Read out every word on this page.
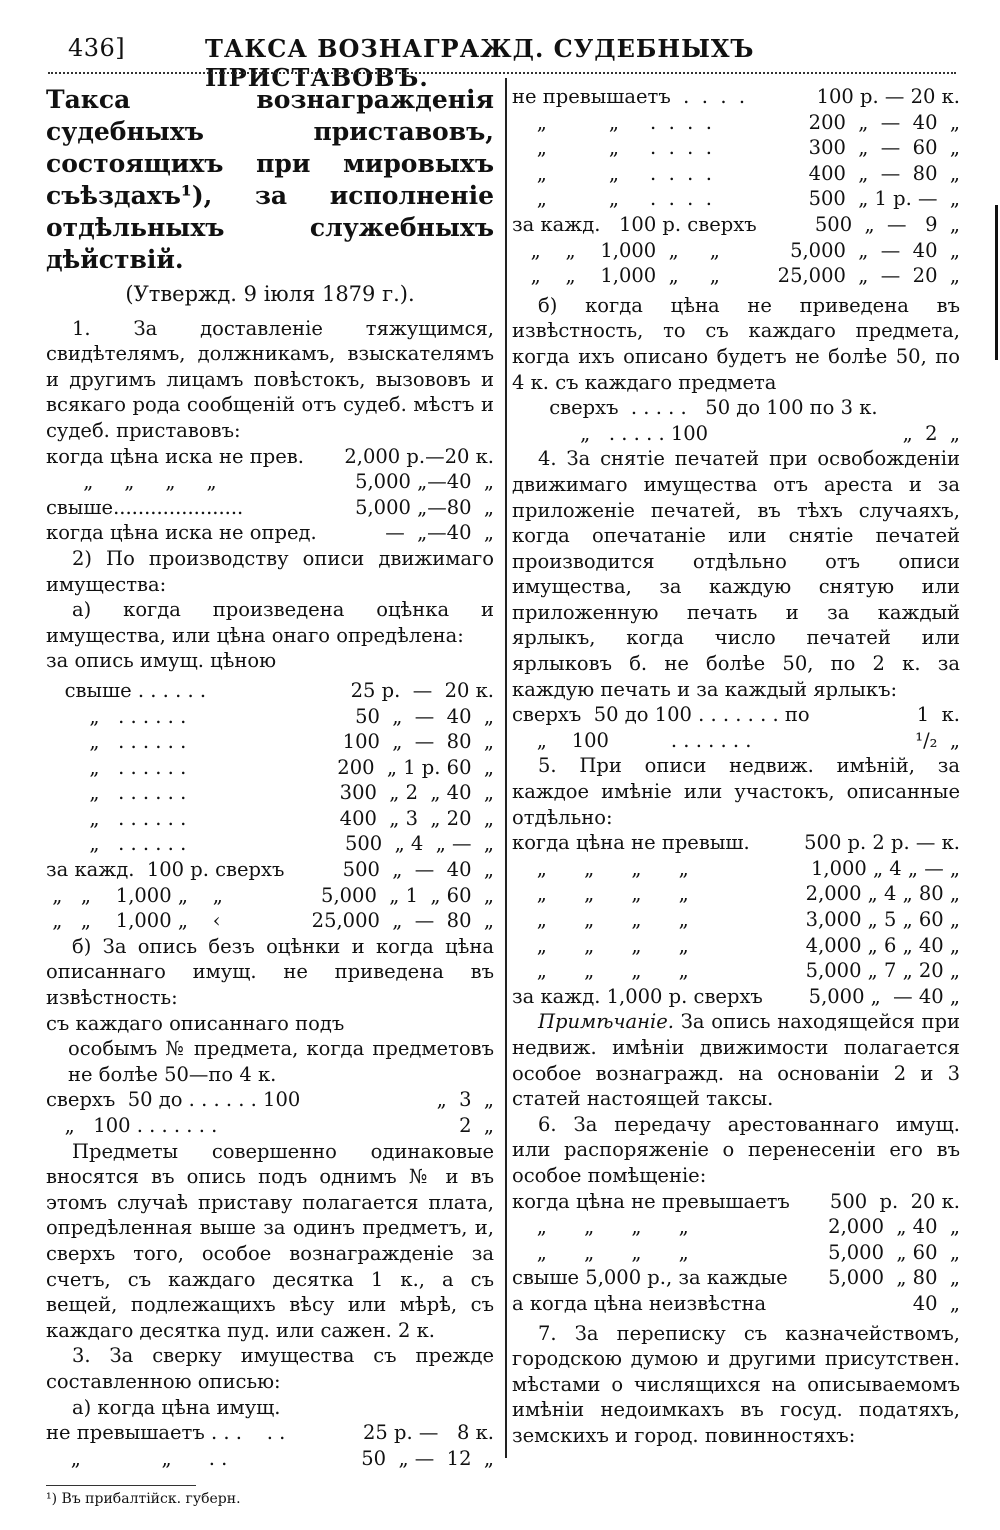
436]	ТАКСА ВОЗНАГРАЖД. СУДЕБНЫХЪ ПРИСТАВОВЪ.

Такса вознагражденія судебныхъ приставовъ, состоящихъ при мировыхъ съѣздахъ¹), за исполненіе отдѣльныхъ служебныхъ дѣйствій.

(Утвержд. 9 іюля 1879 г.).

1. За доставленіе тяжущимся, свидѣтелямъ, должникамъ, взыскателямъ и другимъ лицамъ повѣстокъ, вызововъ и всякаго рода сообщеній отъ судеб. мѣстъ и судеб. приставовъ:

когда цѣна иска не прев.	2,000 р.—20 к.
„     „     „     „	5,000 „—40  „
свыше.....................	5,000 „—80  „
когда цѣна иска не опред.	—  „—40  „

2) По производству описи движимаго имущества:

а) когда произведена оцѣнка и имущества, или цѣна онаго опредѣлена:

за опись имущ. цѣною

свыше . . . . . .	25 р.  —  20 к.
„   . . . . . .	50  „  —  40  „
„   . . . . . .	100  „  —  80  „
„   . . . . . .	200  „ 1 р. 60  „
„   . . . . . .	300  „ 2  „ 40  „
„   . . . . . .	400  „ 3  „ 20  „
„   . . . . . .	500  „ 4  „ —  „
за кажд.  100 р. сверхъ	500  „  —  40  „
„   „    1,000 „    „	5,000  „ 1  „ 60  „
„   „    1,000 „    ‹	25,000  „  —  80  „

б) За опись безъ оцѣнки и когда цѣна описаннаго имущ. не приведена въ извѣстность:

съ каждаго описаннаго подъ

особымъ № предмета, когда предметовъ не болѣе 50—по 4 к.

сверхъ  50 до . . . . . . 100	„  3  „
„   100 . . . . . . .	2  „

Предметы совершенно одинаковые вносятся въ опись подъ однимъ № и въ этомъ случаѣ приставу полагается плата, опредѣленная выше за одинъ предметъ, и, сверхъ того, особое вознагражденіе за счетъ, съ каждаго десятка 1 к., а съ вещей, подлежащихъ вѣсу или мѣрѣ, съ каждаго десятка пуд. или сажен. 2 к.

3. За сверку имущества съ прежде составленною описью:

а) когда цѣна имущ.

не превышаетъ . . .    . .	25 р. —   8 к.
„             „      . .	50  „ —  12  „

¹) Въ прибалтійск. губерн.

не превышаетъ  .  .  .  .	100 р. — 20 к.
„          „     .  .  .  .	200  „  —  40  „
„          „     .  .  .  .	300  „  —  60  „
„          „     .  .  .  .	400  „  —  80  „
„          „     .  .  .  .	500  „ 1 р. —  „
за кажд.   100 р. сверхъ	500  „  —   9  „
„    „    1,000  „     „	5,000  „  —  40  „
„    „    1,000  „     „	25,000  „  —  20  „

б) когда цѣна не приведена въ извѣстность, то съ каждаго предмета, когда ихъ описано будетъ не болѣе 50, по 4 к. съ каждаго предмета

сверхъ  . . . . .   50 до 100 по 3 к.
„   . . . . . 100	„  2  „

4. За снятіе печатей при освобожденіи движимаго имущества отъ ареста и за приложеніе печатей, въ тѣхъ случаяхъ, когда опечатаніе или снятіе печатей производится отдѣльно отъ описи имущества, за каждую снятую или приложенную печать и за каждый ярлыкъ, когда число печатей или ярлыковъ б. не болѣе 50, по 2 к. за каждую печать и за каждый ярлыкъ:

сверхъ  50 до 100 . . . . . . . по	1  к.
„    100          . . . . . . .	¹/₂  „

5. При описи недвиж. имѣній, за каждое имѣніе или участокъ, описанные отдѣльно:

когда цѣна не превыш.	500 р. 2 р. — к.
„      „      „      „	1,000 „ 4 „ — „
„      „      „      „	2,000 „ 4 „ 80 „
„      „      „      „	3,000 „ 5 „ 60 „
„      „      „      „	4,000 „ 6 „ 40 „
„      „      „      „	5,000 „ 7 „ 20 „
за кажд. 1,000 р. сверхъ	5,000 „  — 40 „

Примѣчаніе. За опись находящейся при недвиж. имѣніи движимости полагается особое вознагражд. на основаніи 2 и 3 статей настоящей таксы.

6. За передачу арестованнаго имущ. или распоряженіе о перенесеніи его въ особое помѣщеніе:

когда цѣна не превышаетъ	500  р.  20 к.
„      „      „      „	2,000  „ 40  „
„      „      „      „	5,000  „ 60  „
свыше 5,000 р., за каждые	5,000  „ 80  „
а когда цѣна неизвѣстна	40  „

7. За переписку съ казначействомъ, городскою думою и другими присутствен. мѣстами о числящихся на описываемомъ имѣніи недоимкахъ въ госуд. податяхъ, земскихъ и город. повинностяхъ:
